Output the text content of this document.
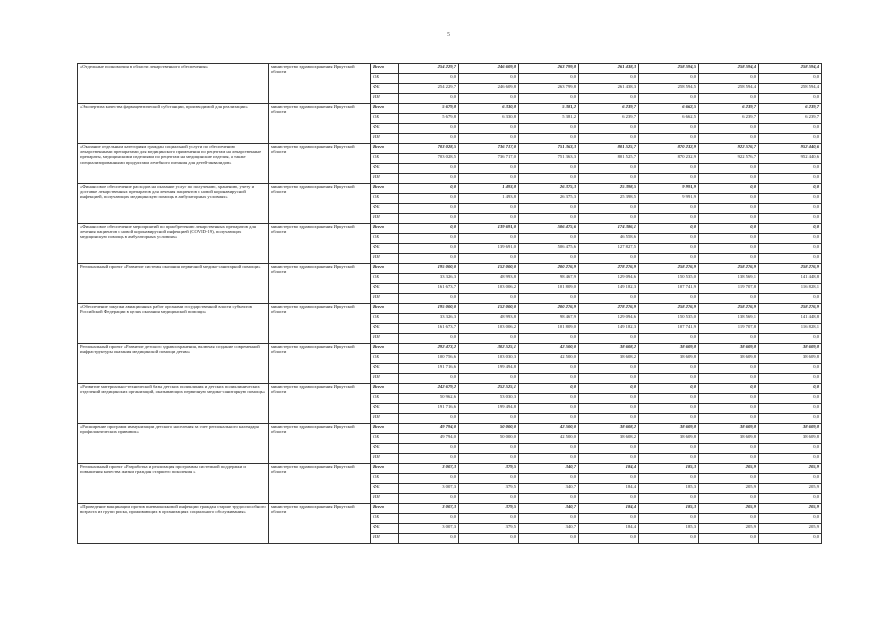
5
«Отдельные полномочия в области лекарственного обеспечения»	министерство здравоохранения Иркутской области	Всего	254 229,7	246 609,8	263 799,8	261 438,3	258 594,5	258 594,4	258 594,4
		ОБ	0,0	0,0	0,0	0,0	0,0	0,0	0,0
		ФБ	254 229,7	246 609,8	263 799,8	261 438,3	258 594,5	258 594,4	258 594,4
		ИИ	0,0	0,0	0,0	0,0	0,0	0,0	0,0
«Экспертиза качества фармацевтической субстанции, производимой для реализации»	министерство здравоохранения Иркутской области	Всего	5 679,8	6 330,8	5 381,2	6 239,7	6 662,5	6 239,7	6 239,7
		ОБ	5 679,8	6 330,8	5 381,2	6 239,7	6 662,5	6 239,7	6 239,7
		ФБ	0,0	0,0	0,0	0,0	0,0	0,0	0,0
		ИИ	0,0	0,0	0,0	0,0	0,0	0,0	0,0
«Оказание отдельным категориям граждан социальной услуги по обеспечению лекарственными препаратами для медицинского применения по рецептам на лекарственные препараты, медицинскими изделиями по рецептам на медицинские изделия, а также специализированными продуктами лечебного питания для детей-инвалидов»	министерство здравоохранения Иркутской области	Всего	703 028,5	736 717,0	751 363,3	801 525,7	870 232,9	922 576,7	952 440,6
		ОБ	703 028,5	736 717,0	751 363,3	801 525,7	870 232,9	922 576,7	952 440,6
		ФБ	0,0	0,0	0,0	0,0	0,0	0,0	0,0
		ИИ	0,0	0,0	0,0	0,0	0,0	0,0	0,0
«Финансовое обеспечение расходов на оказание услуг по получению, хранению, учету и доставке лекарственных препаратов для лечения пациентов с новой коронавирусной инфекцией, получающих медицинскую помощь в амбулаторных условиях»	министерство здравоохранения Иркутской области	Всего	0,0	1 493,8	26 375,3	25 398,5	9 991,9	0,0	0,0
		ОБ	0,0	1 493,8	26 375,3	25 398,5	9 991,9	0,0	0,0
		ФБ	0,0	0,0	0,0	0,0	0,0	0,0	0,0
		ИИ	0,0	0,0	0,0	0,0	0,0	0,0	0,0
«Финансовое обеспечение мероприятий по приобретению лекарственных препаратов для лечения пациентов с новой коронавирусной инфекцией (COVID-19), получающих медицинскую помощь в амбулаторных условиях»	министерство здравоохранения Иркутской области	Всего	0,0	139 691,0	506 475,6	174 386,1	0,0	0,0	0,0
		ОБ	0,0	0,0	0,0	46 558,6	0,0	0,0	0,0
		ФБ	0,0	139 691,0	506 475,6	127 827,5	0,0	0,0	0,0
		ИИ	0,0	0,0	0,0	0,0	0,0	0,0	0,0
Региональный проект «Развитие системы оказания первичной медико-санитарной помощи»	министерство здравоохранения Иркутской области	Всего	195 000,0	152 000,0	200 276,9	278 276,9	258 276,9	258 276,9	258 276,9
		ОБ	33 326,3	48 993,8	98 467,9	129 094,6	150 535,0	138 569,1	141 448,8
		ФБ	161 673,7	103 006,2	101 809,0	149 182,3	107 741,9	119 707,8	116 828,1
		ИИ	0,0	0,0	0,0	0,0	0,0	0,0	0,0
«Обеспечение закупки авиационных работ органами государственной власти субъектов Российской Федерации в целях оказания медицинской помощи»	министерство здравоохранения Иркутской области	Всего	195 000,0	152 000,0	200 276,9	278 276,9	258 276,9	258 276,9	258 276,9
		ОБ	33 326,3	48 993,8	98 467,9	129 094,6	150 535,0	138 569,1	141 448,8
		ФБ	161 673,7	103 006,2	101 809,0	149 182,3	107 741,9	119 707,8	116 828,1
		ИИ	0,0	0,0	0,0	0,0	0,0	0,0	0,0
Региональный проект «Развитие детского здравоохранения, включая создание современной инфраструктуры оказания медицинской помощи детям»	министерство здравоохранения Иркутской области	Всего	292 473,2	302 525,1	42 500,0	38 608,2	38 609,8	38 609,8	38 609,8
		ОБ	100 756,6	103 030,3	42 500,0	38 608,2	38 609,8	38 609,8	38 609,8
		ФБ	191 716,6	199 494,8	0,0	0,0	0,0	0,0	0,0
		ИИ	0,0	0,0	0,0	0,0	0,0	0,0	0,0
«Развитие материально-технической базы детских поликлиник и детских поликлинических отделений медицинских организаций, оказывающих первичную медико-санитарную помощь»	министерство здравоохранения Иркутской области	Всего	242 679,2	252 525,1	0,0	0,0	0,0	0,0	0,0
		ОБ	50 962,6	53 030,3	0,0	0,0	0,0	0,0	0,0
		ФБ	191 716,6	199 494,8	0,0	0,0	0,0	0,0	0,0
		ИИ	0,0	0,0	0,0	0,0	0,0	0,0	0,0
«Расширение программ иммунизации детского населения за счет регионального календаря профилактических прививок»	министерство здравоохранения Иркутской области	Всего	49 794,0	50 000,0	42 500,0	38 608,2	38 609,8	38 609,8	38 609,8
		ОБ	49 794,0	50 000,0	42 500,0	38 608,2	38 609,8	38 609,8	38 609,8
		ФБ	0,0	0,0	0,0	0,0	0,0	0,0	0,0
		ИИ	0,0	0,0	0,0	0,0	0,0	0,0	0,0
Региональный проект «Разработка и реализация программы системной поддержки и повышения качества жизни граждан старшего поколения »	министерство здравоохранения Иркутской области	Всего	3 007,3	379,5	340,7	184,4	185,3	205,9	205,9
		ОБ	0,0	0,0	0,0	0,0	0,0	0,0	0,0
		ФБ	3 007,3	379,5	340,7	184,4	185,3	205,9	205,9
		ИИ	0,0	0,0	0,0	0,0	0,0	0,0	0,0
«Проведение вакцинации против пневмококковой инфекции граждан старше трудоспособного возраста из групп риска, проживающих в организациях социального обслуживания»	министерство здравоохранения Иркутской области	Всего	3 007,3	379,5	340,7	184,4	185,3	205,9	205,9
		ОБ	0,0	0,0	0,0	0,0	0,0	0,0	0,0
		ФБ	3 007,3	379,5	340,7	184,4	185,3	205,9	205,9
		ИИ	0,0	0,0	0,0	0,0	0,0	0,0	0,0
